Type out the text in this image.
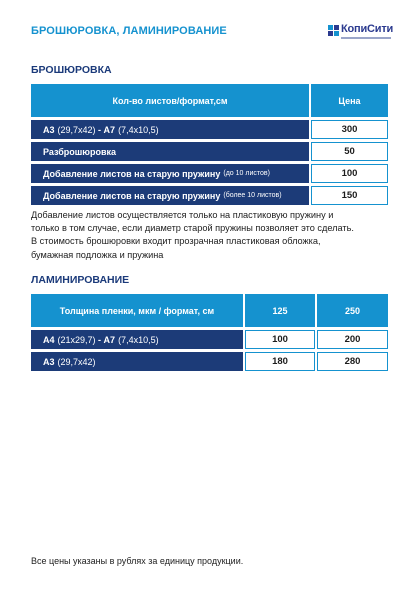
БРОШЮРОВКА, ЛАМИНИРОВАНИЕ	КопиСити
БРОШЮРОВКА
Кол-во листов/формат,см	Цена
А3 (29,7х42) - А7 (7,4х10,5)	300
Разброшюровка	50
Добавление листов на старую пружину (до 10 листов)	100
Добавление листов на старую пружину (более 10 листов)	150
Добавление листов осуществляется только на пластиковую пружину и
только в том случае, если диаметр старой пружины позволяет это сделать.
В стоимость брошюровки входит прозрачная пластиковая обложка,
бумажная подложка и пружина
ЛАМИНИРОВАНИЕ
Толщина пленки, мкм / формат, см	125	250
А4 (21х29,7) - А7 (7,4х10,5)	100	200
А3 (29,7х42)	180	280
Все цены указаны в рублях за единицу продукции.
